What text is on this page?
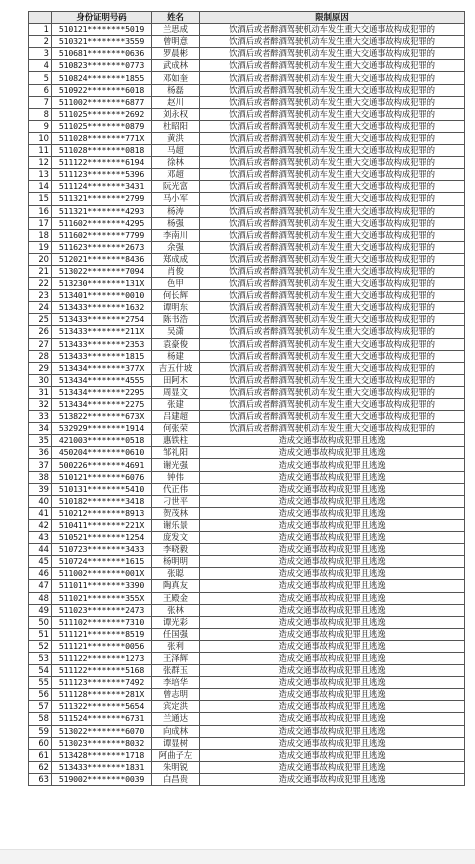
	身份证明号码	姓名	限制原因
1	510121********5019	兰思成	饮酒后或者醉酒驾驶机动车发生重大交通事故构成犯罪的
2	510321********3559	曾明意	饮酒后或者醉酒驾驶机动车发生重大交通事故构成犯罪的
3	510681********0636	罗晨彬	饮酒后或者醉酒驾驶机动车发生重大交通事故构成犯罪的
4	510823********0773	武成林	饮酒后或者醉酒驾驶机动车发生重大交通事故构成犯罪的
5	510824********1855	邓如奎	饮酒后或者醉酒驾驶机动车发生重大交通事故构成犯罪的
6	510922********6018	杨磊	饮酒后或者醉酒驾驶机动车发生重大交通事故构成犯罪的
7	511002********6877	赵川	饮酒后或者醉酒驾驶机动车发生重大交通事故构成犯罪的
8	511025********2692	刘永权	饮酒后或者醉酒驾驶机动车发生重大交通事故构成犯罪的
9	511025********0879	杜昭阳	饮酒后或者醉酒驾驶机动车发生重大交通事故构成犯罪的
10	511028********771X	黄洪	饮酒后或者醉酒驾驶机动车发生重大交通事故构成犯罪的
11	511028********0818	马超	饮酒后或者醉酒驾驶机动车发生重大交通事故构成犯罪的
12	511122********6194	徐林	饮酒后或者醉酒驾驶机动车发生重大交通事故构成犯罪的
13	511123********5396	邓超	饮酒后或者醉酒驾驶机动车发生重大交通事故构成犯罪的
14	511124********3431	阮光富	饮酒后或者醉酒驾驶机动车发生重大交通事故构成犯罪的
15	511321********2799	马小军	饮酒后或者醉酒驾驶机动车发生重大交通事故构成犯罪的
16	511321********4293	杨涛	饮酒后或者醉酒驾驶机动车发生重大交通事故构成犯罪的
17	511602********4295	杨强	饮酒后或者醉酒驾驶机动车发生重大交通事故构成犯罪的
18	511602********7799	李南川	饮酒后或者醉酒驾驶机动车发生重大交通事故构成犯罪的
19	511623********2673	余强	饮酒后或者醉酒驾驶机动车发生重大交通事故构成犯罪的
20	512021********8436	郑成成	饮酒后或者醉酒驾驶机动车发生重大交通事故构成犯罪的
21	513022********7094	肖俊	饮酒后或者醉酒驾驶机动车发生重大交通事故构成犯罪的
22	513230********131X	色甲	饮酒后或者醉酒驾驶机动车发生重大交通事故构成犯罪的
23	513401********0010	何长辉	饮酒后或者醉酒驾驶机动车发生重大交通事故构成犯罪的
24	513433********1632	谭明东	饮酒后或者醉酒驾驶机动车发生重大交通事故构成犯罪的
25	513433********2754	陈书浩	饮酒后或者醉酒驾驶机动车发生重大交通事故构成犯罪的
26	513433********211X	吴潇	饮酒后或者醉酒驾驶机动车发生重大交通事故构成犯罪的
27	513433********2353	袁豪俊	饮酒后或者醉酒驾驶机动车发生重大交通事故构成犯罪的
28	513433********1815	杨建	饮酒后或者醉酒驾驶机动车发生重大交通事故构成犯罪的
29	513434********377X	吉五什坡	饮酒后或者醉酒驾驶机动车发生重大交通事故构成犯罪的
30	513434********4555	田阿木	饮酒后或者醉酒驾驶机动车发生重大交通事故构成犯罪的
31	513434********2295	周显文	饮酒后或者醉酒驾驶机动车发生重大交通事故构成犯罪的
32	513434********2275	张建	饮酒后或者醉酒驾驶机动车发生重大交通事故构成犯罪的
33	513822********673X	吕建超	饮酒后或者醉酒驾驶机动车发生重大交通事故构成犯罪的
34	532929********1914	何张荣	饮酒后或者醉酒驾驶机动车发生重大交通事故构成犯罪的
35	421003********0518	惠铁柱	造成交通事故构成犯罪且逃逸
36	450204********0610	邹礼阳	造成交通事故构成犯罪且逃逸
37	500226********4691	谢光强	造成交通事故构成犯罪且逃逸
38	510121********6076	钟伟	造成交通事故构成犯罪且逃逸
39	510131********5410	代正伟	造成交通事故构成犯罪且逃逸
40	510182********3418	刁世平	造成交通事故构成犯罪且逃逸
41	510212********8913	贺茂林	造成交通事故构成犯罪且逃逸
42	510411********221X	谢乐景	造成交通事故构成犯罪且逃逸
43	510521********1254	庞发文	造成交通事故构成犯罪且逃逸
44	510723********3433	李晓毅	造成交通事故构成犯罪且逃逸
45	510724********1615	杨明明	造成交通事故构成犯罪且逃逸
46	511002********001X	张聪	造成交通事故构成犯罪且逃逸
47	511011********3390	陶真友	造成交通事故构成犯罪且逃逸
48	511021********355X	王殿金	造成交通事故构成犯罪且逃逸
49	511023********2473	张林	造成交通事故构成犯罪且逃逸
50	511102********7310	谭光彩	造成交通事故构成犯罪且逃逸
51	511121********8519	任国强	造成交通事故构成犯罪且逃逸
52	511121********0056	张利	造成交通事故构成犯罪且逃逸
53	511122********1273	王泽辉	造成交通事故构成犯罪且逃逸
54	511122********5168	张群玉	造成交通事故构成犯罪且逃逸
55	511123********7492	李培华	造成交通事故构成犯罪且逃逸
56	511128********281X	曾志明	造成交通事故构成犯罪且逃逸
57	511322********5654	宾定洪	造成交通事故构成犯罪且逃逸
58	511524********6731	兰通达	造成交通事故构成犯罪且逃逸
59	513022********6070	向成林	造成交通事故构成犯罪且逃逸
60	513023********8032	谭显树	造成交通事故构成犯罪且逃逸
61	513428********1718	阿曲子左	造成交通事故构成犯罪且逃逸
62	513433********1831	朱明锐	造成交通事故构成犯罪且逃逸
63	519002********0039	白昌贵	造成交通事故构成犯罪且逃逸
